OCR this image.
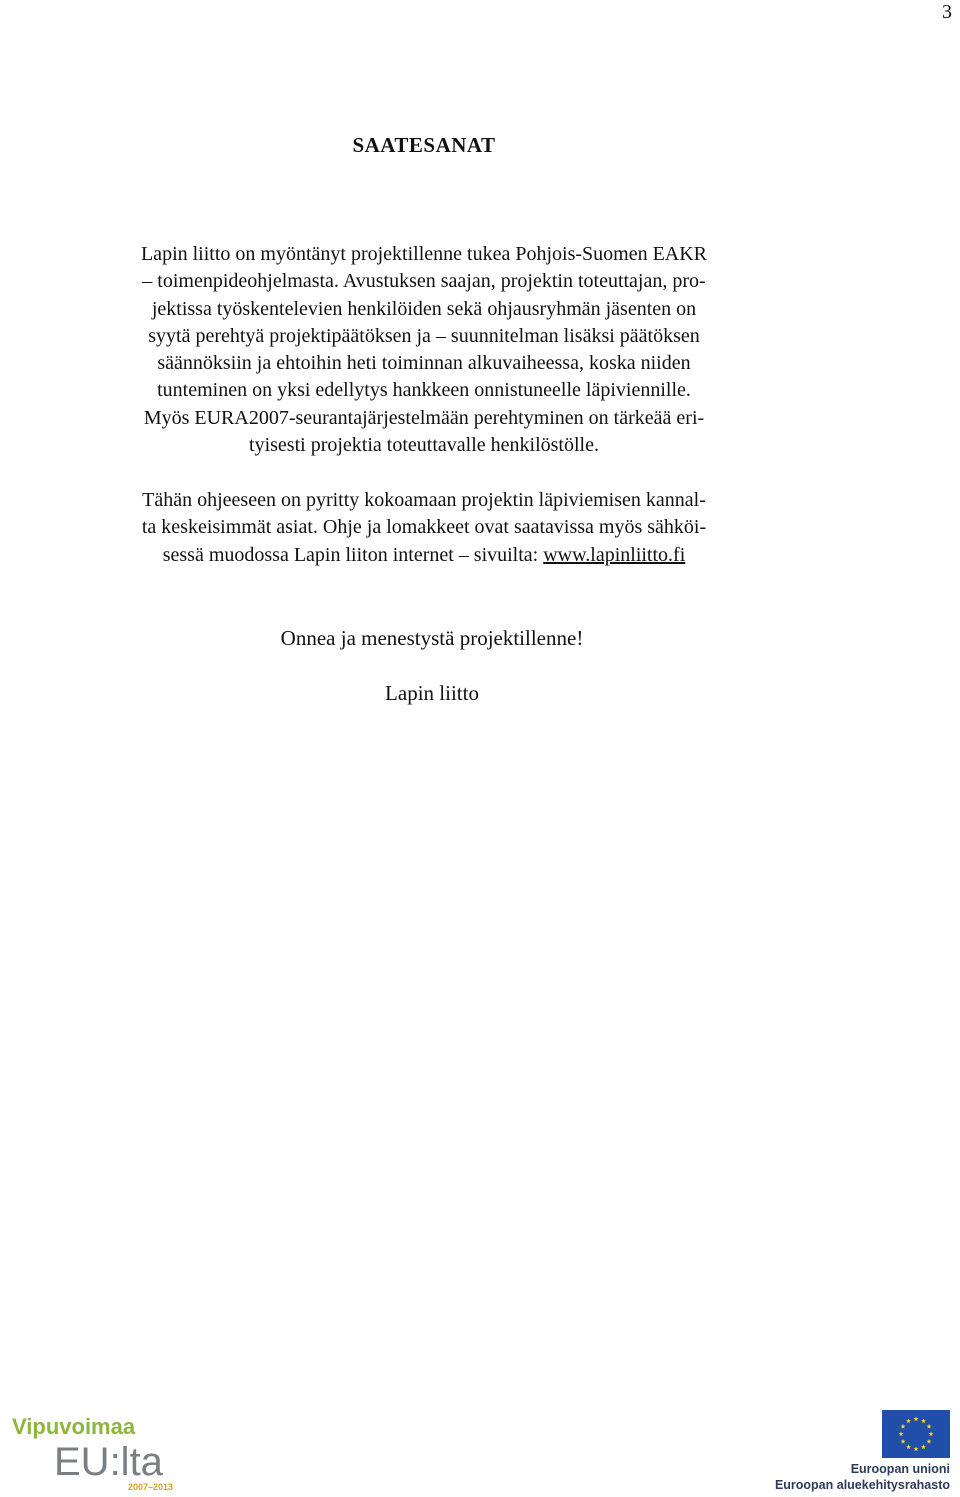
3
SAATESANAT
Lapin liitto on myöntänyt projektillenne tukea Pohjois-Suomen EAKR
– toimenpideohjelmasta. Avustuksen saajan, projektin toteuttajan, pro-
jektissa työskentelevien henkilöiden sekä ohjausryhmän jäsenten on
syytä perehtyä projektipäätöksen ja – suunnitelman lisäksi päätöksen
säännöksiin ja ehtoihin heti toiminnan alkuvaiheessa, koska niiden
tunteminen on yksi edellytys hankkeen onnistuneelle läpiviennille.
Myös EURA2007-seurantajärjestelmään perehtyminen on tärkeää eri-
tyisesti projektia toteuttavalle henkilöstölle.
Tähän ohjeeseen on pyritty kokoamaan projektin läpiviemisen kannal-
ta keskeisimmät asiat. Ohje ja lomakkeet ovat saatavissa myös sähköi-
sessä muodossa Lapin liiton internet – sivuilta: www.lapinliitto.fi
Onnea ja menestystä projektillenne!
Lapin liitto
Vipuvoimaa
EU:lta
2007–2013
Euroopan unioni
Euroopan aluekehitysrahasto
